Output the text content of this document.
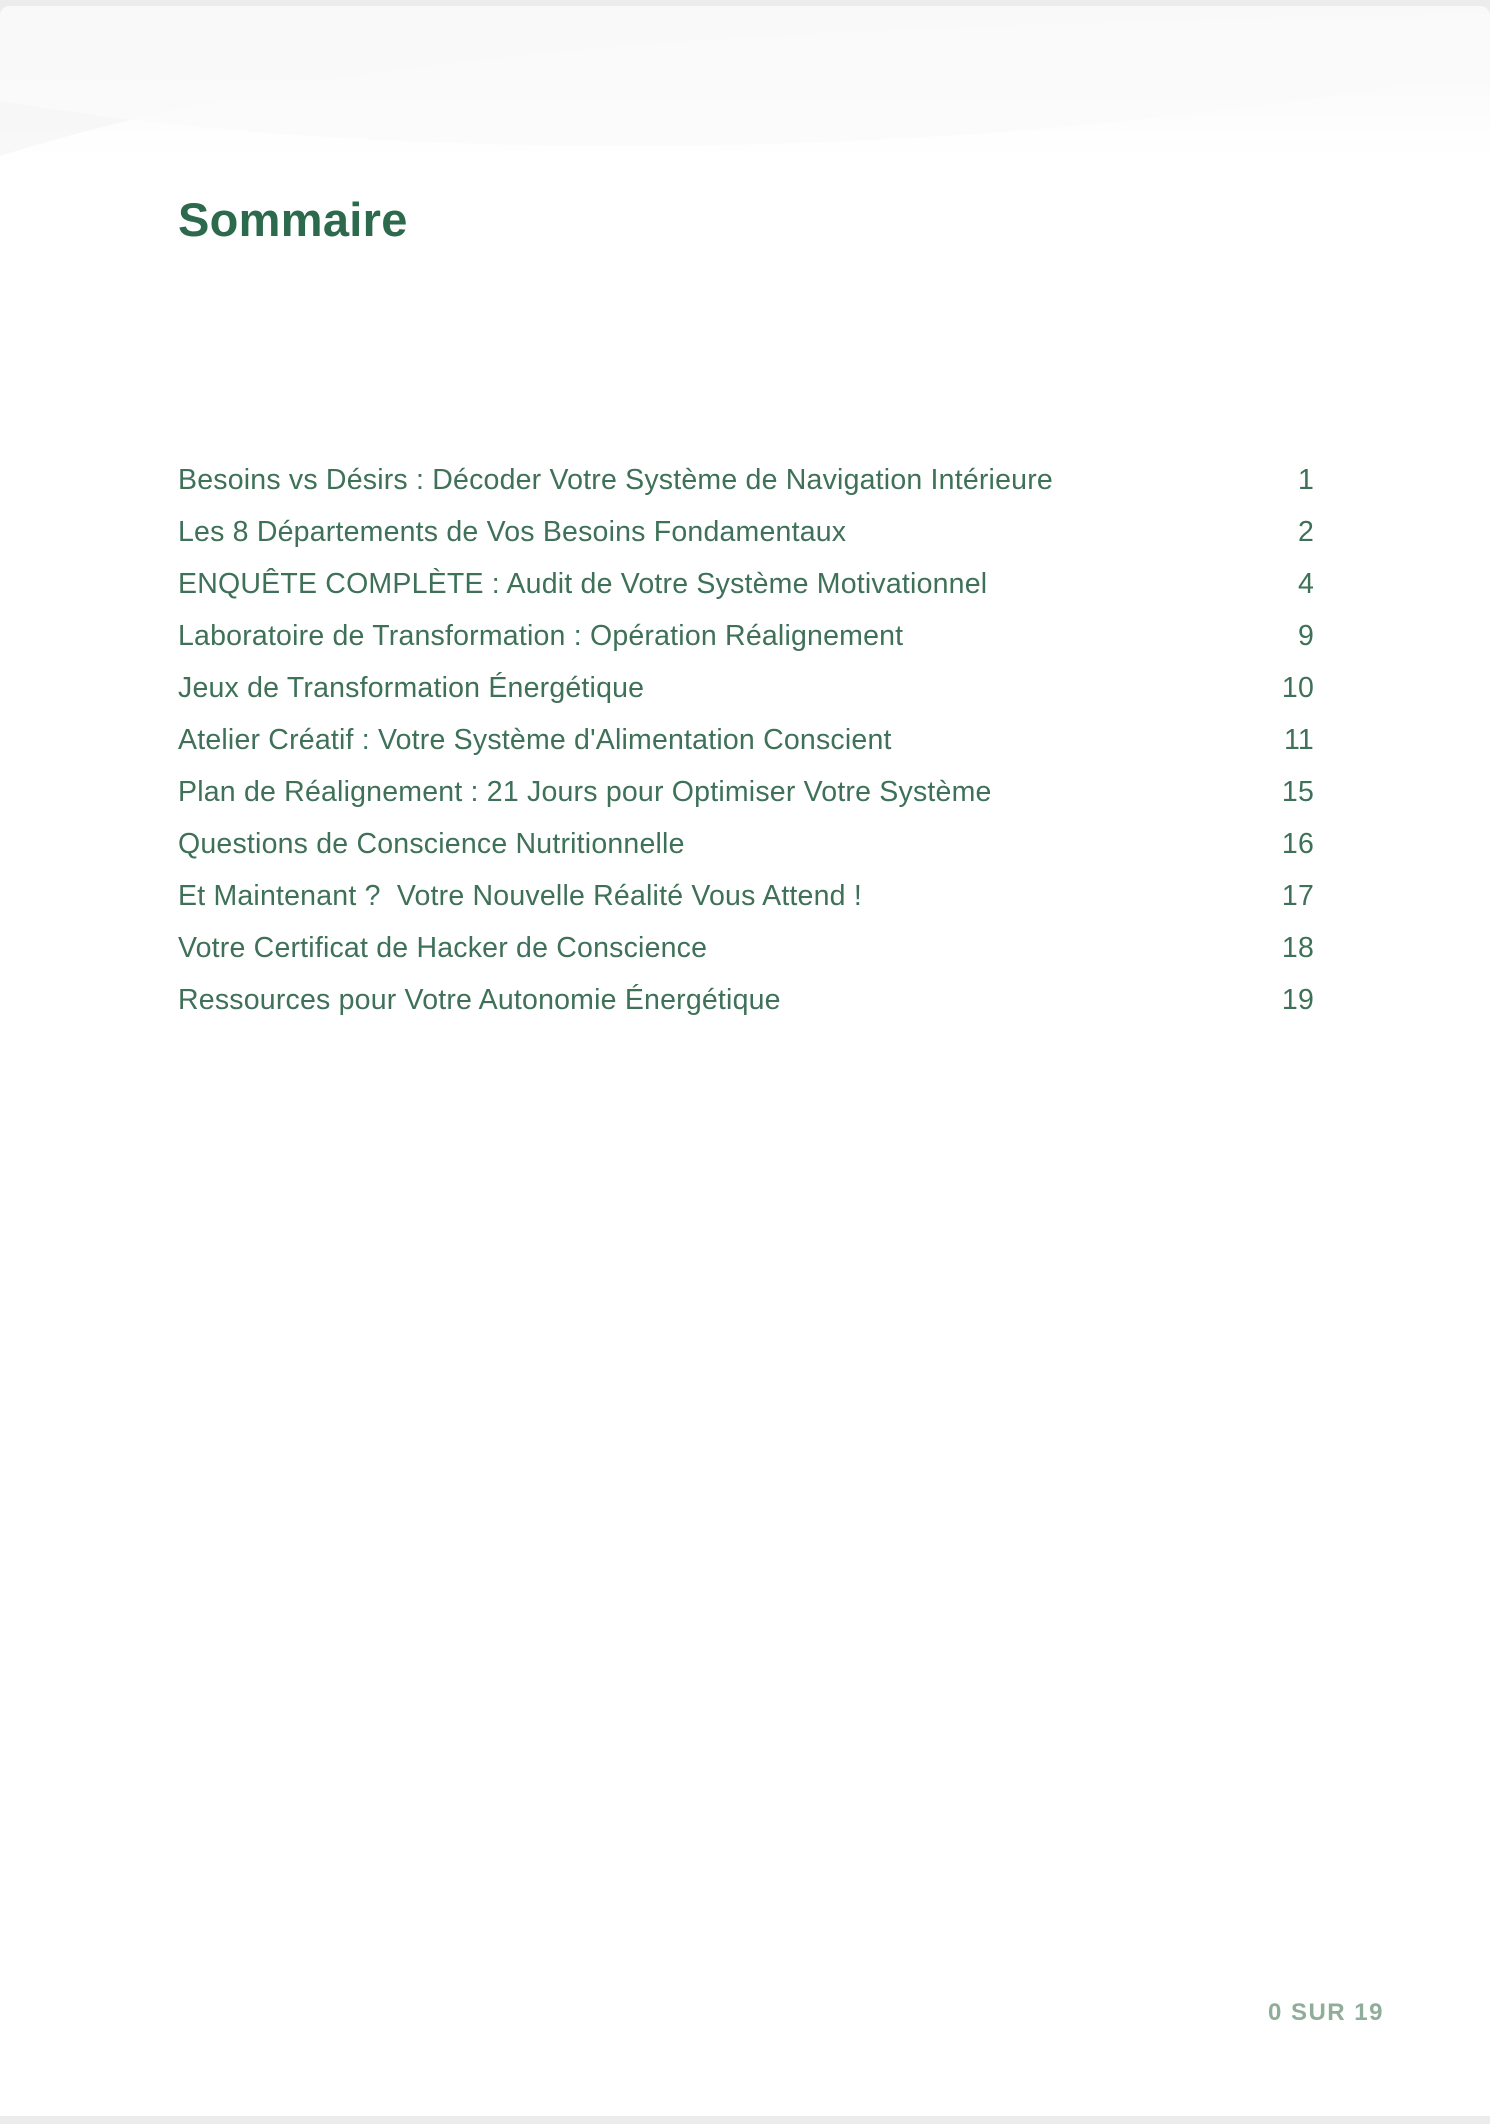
Sommaire
Besoins vs Désirs : Décoder Votre Système de Navigation Intérieure	1
Les 8 Départements de Vos Besoins Fondamentaux	2
ENQUÊTE COMPLÈTE : Audit de Votre Système Motivationnel	4
Laboratoire de Transformation : Opération Réalignement	9
Jeux de Transformation Énergétique	10
Atelier Créatif : Votre Système d'Alimentation Conscient	11
Plan de Réalignement : 21 Jours pour Optimiser Votre Système	15
Questions de Conscience Nutritionnelle	16
Et Maintenant ?  Votre Nouvelle Réalité Vous Attend !	17
Votre Certificat de Hacker de Conscience	18
Ressources pour Votre Autonomie Énergétique	19
0 SUR 19
